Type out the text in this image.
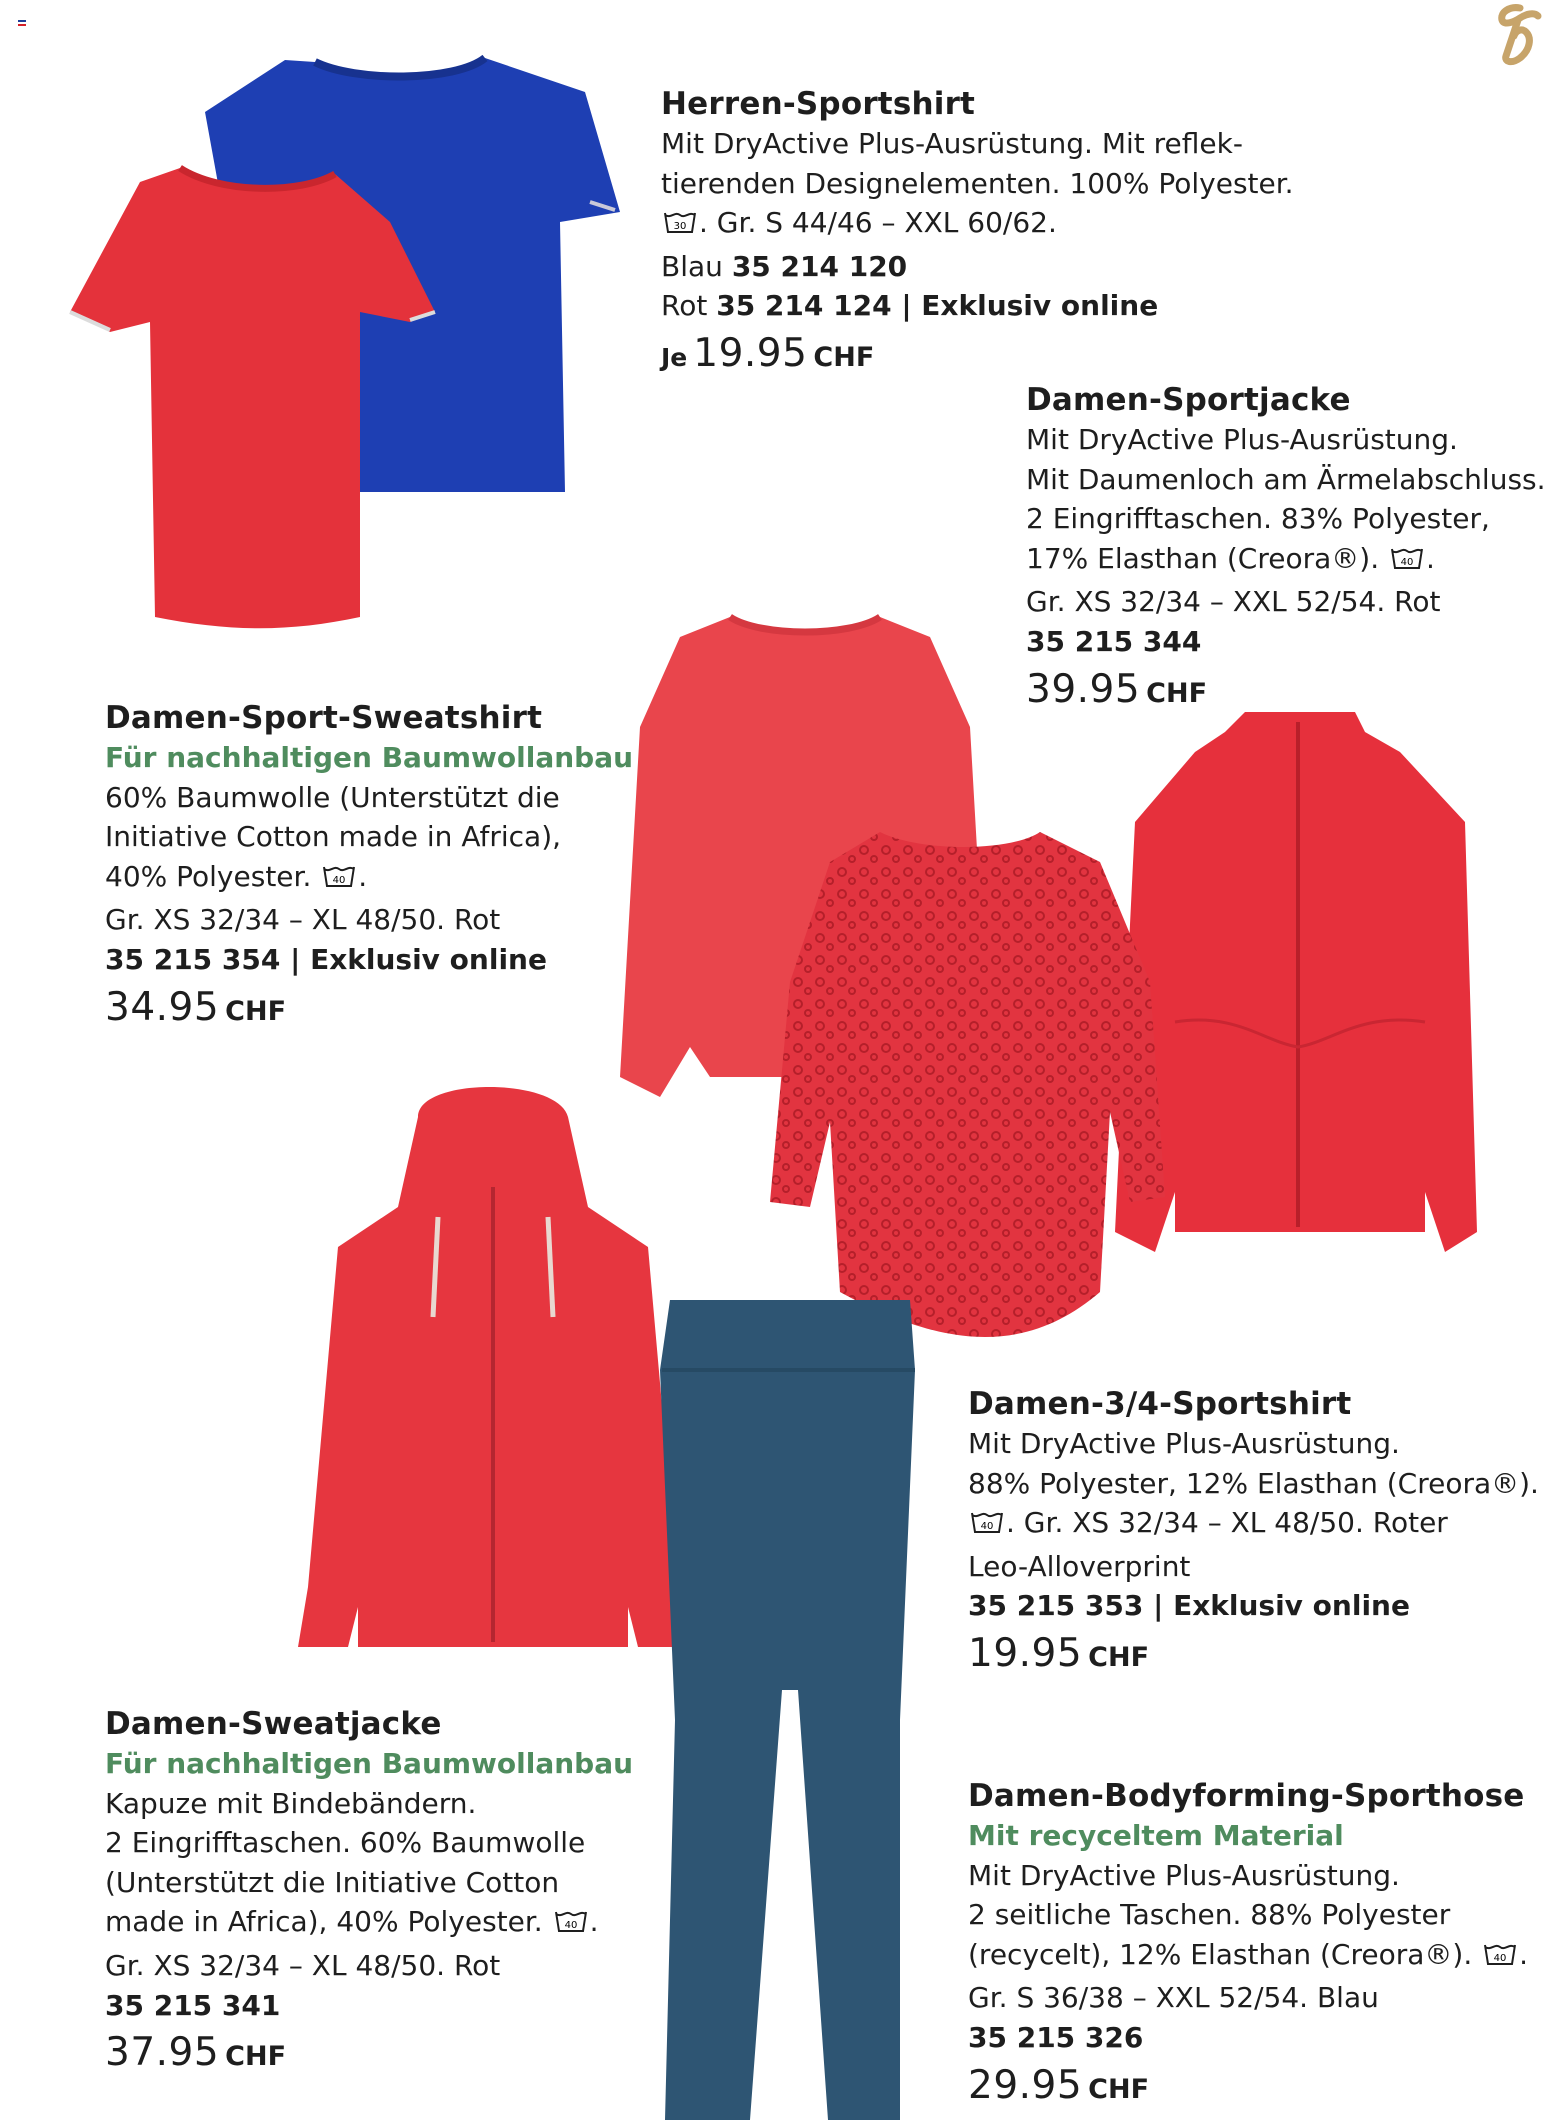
Herren-Sportshirt
Mit DryActive Plus-Ausrüstung. Mit reflek-
tierenden Designelementen. 100% Polyester.
30 . Gr. S 44/46 – XXL 60/62.
Blau 35 214 120
Rot 35 214 124 | Exklusiv online
Je 19.95 CHF
Damen-Sportjacke
Mit DryActive Plus-Ausrüstung.
Mit Daumenloch am Ärmelabschluss.
2 Eingrifftaschen. 83% Polyester,
17% Elasthan (Creora®). 40 .
Gr. XS 32/34 – XXL 52/54. Rot
35 215 344
39.95 CHF
Damen-Sport-Sweatshirt
Für nachhaltigen Baumwollanbau
60% Baumwolle (Unterstützt die
Initiative Cotton made in Africa),
40% Polyester. 40 .
Gr. XS 32/34 – XL 48/50. Rot
35 215 354 | Exklusiv online
34.95 CHF
Damen-3/4-Sportshirt
Mit DryActive Plus-Ausrüstung.
88% Polyester, 12% Elasthan (Creora®).
40 . Gr. XS 32/34 – XL 48/50. Roter
Leo-Alloverprint
35 215 353 | Exklusiv online
19.95 CHF
Damen-Sweatjacke
Für nachhaltigen Baumwollanbau
Kapuze mit Bindebändern.
2 Eingrifftaschen. 60% Baumwolle
(Unterstützt die Initiative Cotton
made in Africa), 40% Polyester. 40 .
Gr. XS 32/34 – XL 48/50. Rot
35 215 341
37.95 CHF
Damen-Bodyforming-Sporthose
Mit recyceltem Material
Mit DryActive Plus-Ausrüstung.
2 seitliche Taschen. 88% Polyester
(recycelt), 12% Elasthan (Creora®). 40 .
Gr. S 36/38 – XXL 52/54. Blau
35 215 326
29.95 CHF
